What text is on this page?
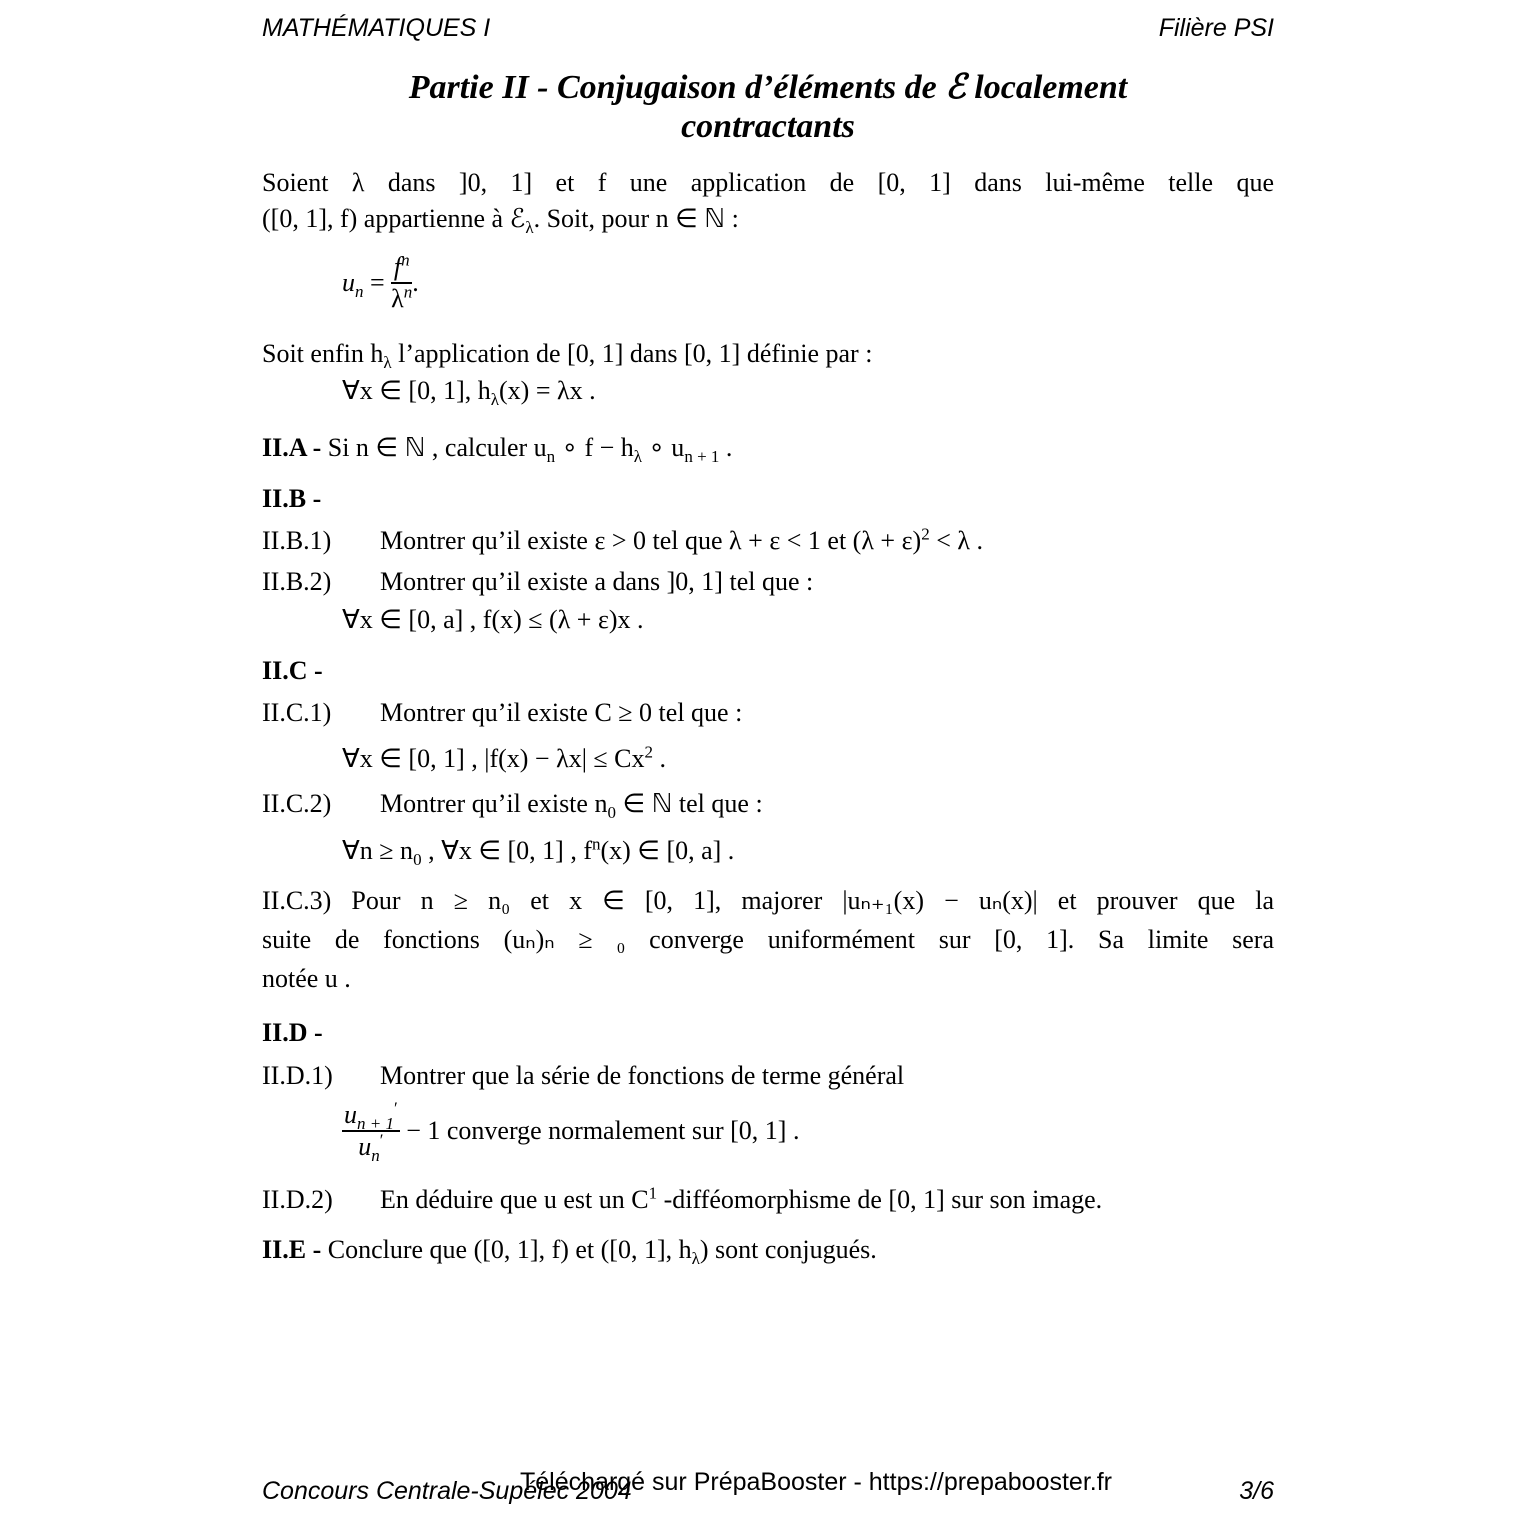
MATHÉMATIQUES I	Filière PSI
Partie II - Conjugaison d’éléments de ℰ localement
contractants
Soient λ dans ]0, 1] et f une application de [0, 1] dans lui-même telle que
([0, 1], f) appartienne à ℰ$_\lambda$. Soit, pour n ∈ ℕ :
$u_n = \frac{f^n}{\lambda^n}$ .
Soit enfin $h_\lambda$ l’application de [0, 1] dans [0, 1] définie par :
∀x ∈ [0, 1], $h_\lambda(x) = \lambda x$ .
II.A - Si n ∈ ℕ , calculer $u_n$ ∘ $f - h_\lambda$ ∘ $u_{n + 1}$ .
II.B -
II.B.1) Montrer qu’il existe ε > 0 tel que λ + ε < 1 et $(\lambda + \varepsilon)^2 < \lambda$ .
II.B.2) Montrer qu’il existe a dans ]0, 1] tel que :
∀x ∈ [0, a] , f(x) ≤ (λ + ε)x .
II.C -
II.C.1) Montrer qu’il existe C ≥ 0 tel que :
∀x ∈ [0, 1] , $|f(x) - \lambda x| \le Cx^2$ .
II.C.2) Montrer qu’il existe $n_0$ ∈ ℕ tel que :
∀n ≥ $n_0$ , ∀x ∈ [0, 1] , $f^n(x)$ ∈ [0, a] .
II.C.3) Pour n ≥ n₀ et x ∈ [0, 1], majorer |uₙ₊₁(x) − uₙ(x)| et prouver que la
suite de fonctions (uₙ)ₙ ≥ ₀ converge uniformément sur [0, 1]. Sa limite sera
notée u .
II.D -
II.D.1) Montrer que la série de fonctions de terme général
$\frac{u_{n + 1}'}{u_n'} - 1$ converge normalement sur [0, 1] .
II.D.2) En déduire que u est un $C^1$ -difféomorphisme de [0, 1] sur son image.
II.E - Conclure que ([0, 1], f) et ([0, 1], $h_\lambda$) sont conjugués.
Concours Centrale-Supélec 2004
Téléchargé sur PrépaBooster - https://prepabooster.fr	3/6
